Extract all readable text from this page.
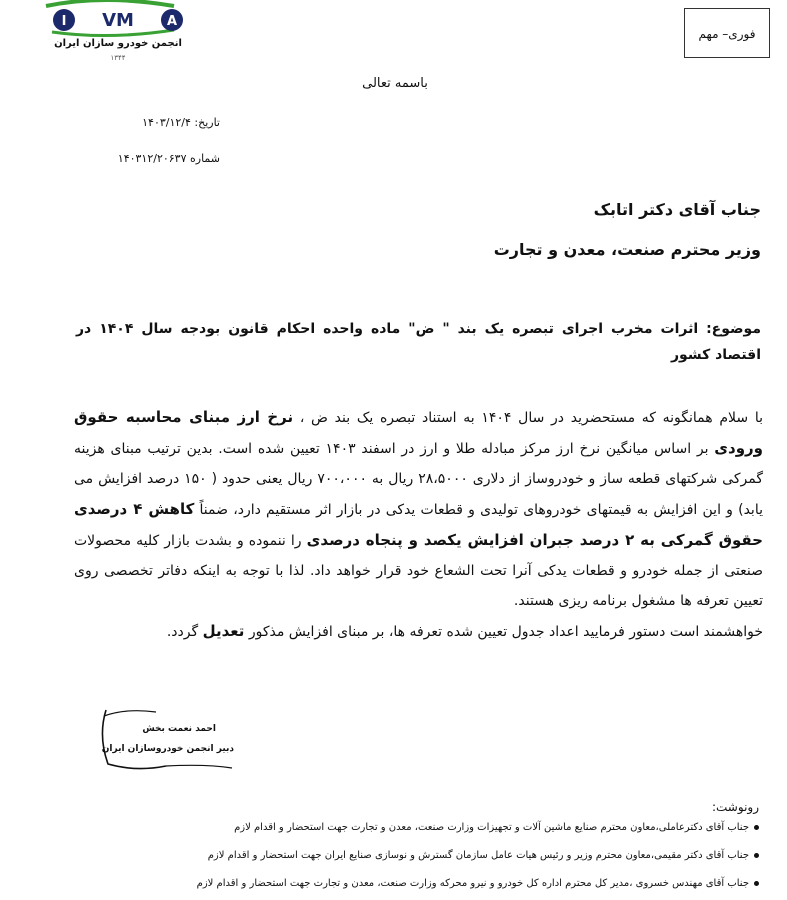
I	A
VM
انجمن خودرو سازان ایران
۱۳۴۴
فوری– مهم
باسمه تعالی
تاریخ: ۱۴۰۳/۱۲/۴
شماره ۱۴۰۳۱۲/۲۰۶۳۷
جناب آقای دکتر اتابک
وزیر محترم صنعت، معدن و تجارت
موضوع: اثرات مخرب اجرای تبصره یک بند " ض" ماده واحده احکام قانون بودجه سال ۱۴۰۴ در اقتصاد کشور
با سلام همانگونه که مستحضرید در سال ۱۴۰۴ به استناد تبصره یک بند ض ، نرخ ارز مبنای محاسبه حقوق ورودی بر اساس میانگین نرخ ارز مرکز مبادله طلا و ارز در اسفند ۱۴۰۳ تعیین شده است. بدین ترتیب مبنای هزینه گمرکی شرکتهای قطعه ساز و خودروساز از دلاری ۲۸،۵۰۰۰ ریال به ۷۰۰،۰۰۰ ریال یعنی حدود ( ۱۵۰ درصد افزایش می یابد) و این افزایش به قیمتهای خودروهای تولیدی و قطعات یدکی در بازار اثر مستقیم دارد، ضمناً کاهش ۴ درصدی حقوق گمرکی به ۲ درصد جبران افزایش یکصد و پنجاه درصدی را ننموده و بشدت بازار کلیه محصولات صنعتی از جمله خودرو و قطعات یدکی آنرا تحت الشعاع خود قرار خواهد داد. لذا با توجه به اینکه دفاتر تخصصی روی تعیین تعرفه ها مشغول برنامه ریزی هستند.
خواهشمند است دستور فرمایید اعداد جدول تعیین شده تعرفه ها، بر مبنای افزایش مذکور تعدیل گردد.
احمد نعمت بخش
دبیر انجمن خودروسازان ایران
رونوشت:
جناب آقای دکترعاملی،معاون محترم صنایع ماشین آلات و تجهیزات وزارت صنعت، معدن و تجارت جهت استحضار و اقدام لازم
جناب آقای دکتر مقیمی،معاون محترم وزیر و رئیس هیات عامل سازمان گسترش و نوسازی صنایع ایران جهت استحضار و اقدام لازم
جناب آقای مهندس خسروی ،مدیر کل محترم اداره کل خودرو و نیرو محرکه وزارت صنعت، معدن و تجارت جهت استحضار و اقدام لازم
